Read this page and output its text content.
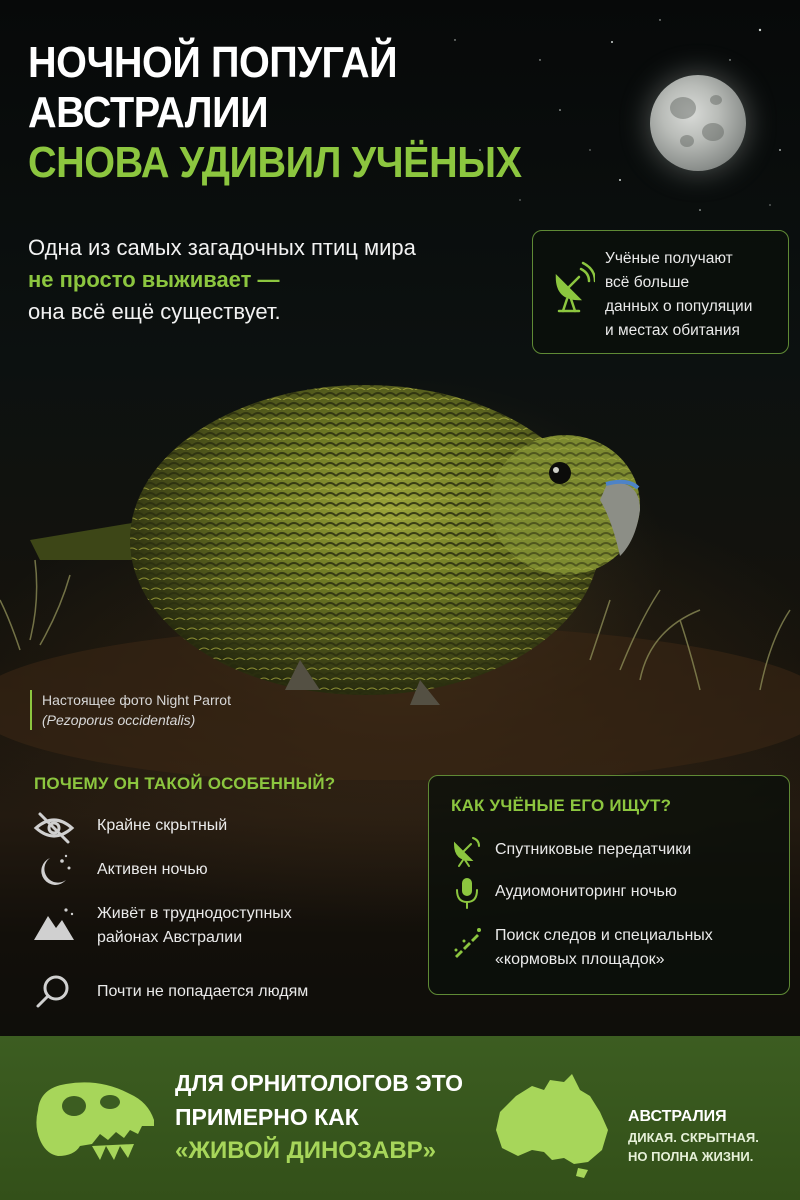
НОЧНОЙ ПОПУГАЙ
АВСТРАЛИИ
СНОВА УДИВИЛ УЧЁНЫХ
Одна из самых загадочных птиц мира
не просто выживает —
она всё ещё существует.
Учёные получают
всё больше
данных о популяции
и местах обитания
Настоящее фото Night Parrot
(Pezoporus occidentalis)
ПОЧЕМУ ОН ТАКОЙ ОСОБЕННЫЙ?
Крайне скрытный
Активен ночью
Живёт в труднодоступных
районах Австралии
Почти не попадается людям
КАК УЧЁНЫЕ ЕГО ИЩУТ?
Спутниковые передатчики
Аудиомониторинг ночью
Поиск следов и специальных
«кормовых площадок»
ДЛЯ ОРНИТОЛОГОВ ЭТО
ПРИМЕРНО КАК
«ЖИВОЙ ДИНОЗАВР»
АВСТРАЛИЯ
ДИКАЯ. СКРЫТНАЯ.
НО ПОЛНА ЖИЗНИ.
